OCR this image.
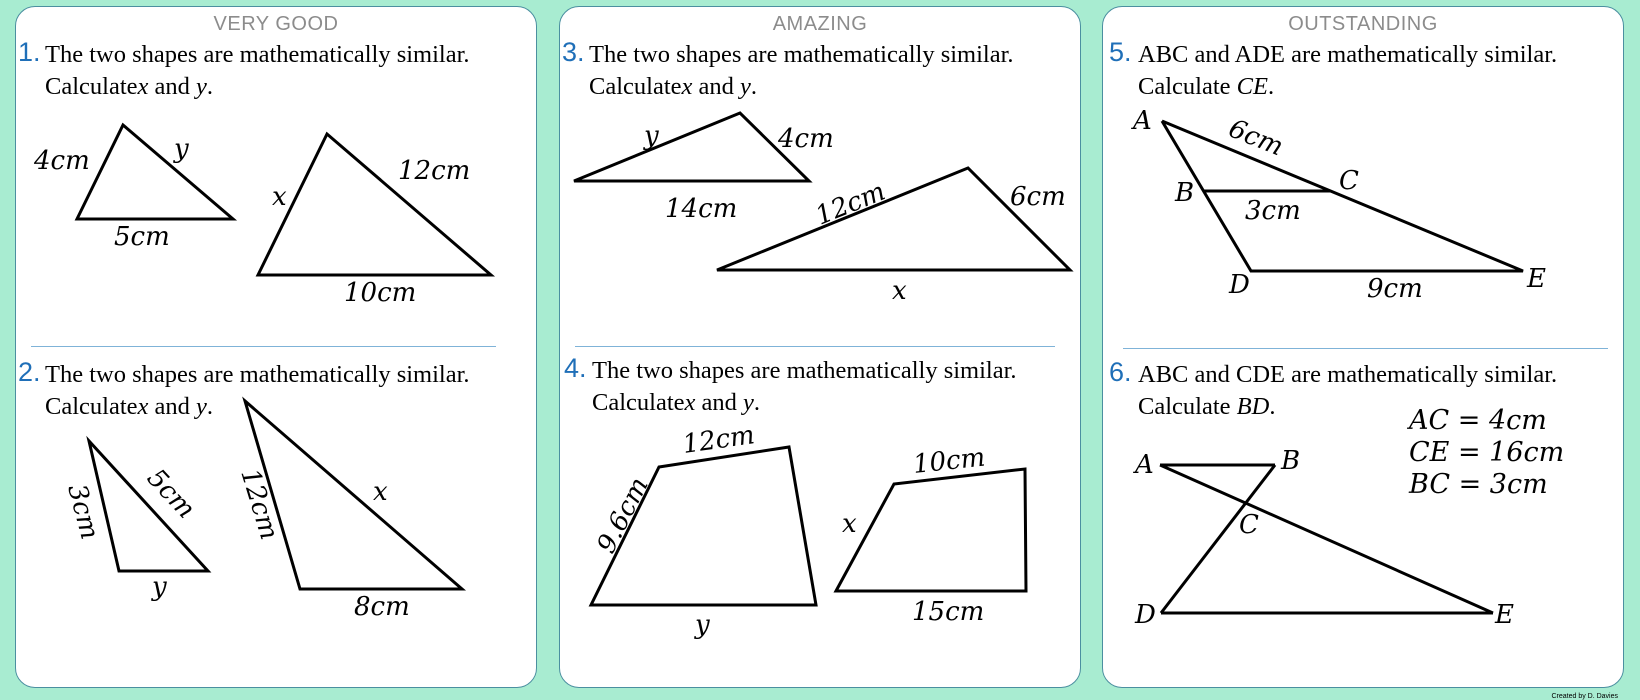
VERY GOOD
1. The two shapes are mathematically similar.
Calculatex and y.
4cm	y
5cm
x
12cm
10cm
2. The two shapes are mathematically similar.
Calculatex and y.
3cm 5cm
y
12cm	x
8cm
AMAZING
3. The two shapes are mathematically similar.
Calculatex and y.
y	4cm
14cm	12cm	6cm
x
4. The two shapes are mathematically similar.
Calculatex and y.
12cm
9.6cm
y
10cm
x
15cm
OUTSTANDING
5. ABC and ADE are mathematically similar.
Calculate CE.
A
B	C
D	E
6cm
3cm
9cm
6. ABC and CDE are mathematically similar.
Calculate BD.	AC = 4cm
CE = 16cm
BC = 3cm
A	B
C
D	E
Created by D. Davies
